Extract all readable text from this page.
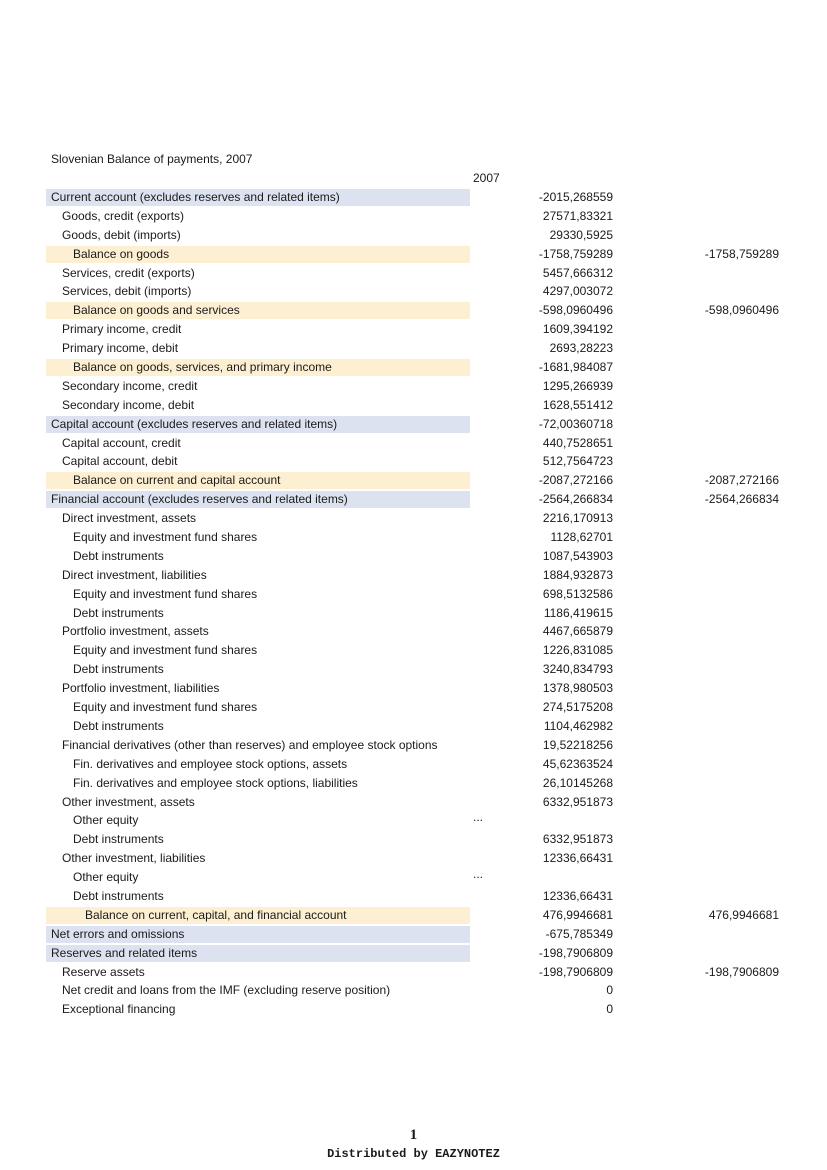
Slovenian Balance of payments, 2007
2007
Current account (excludes reserves and related items)	-2015,268559
Goods, credit (exports)	27571,83321
Goods, debit (imports)	29330,5925
Balance on goods	-1758,759289	-1758,759289
Services, credit (exports)	5457,666312
Services, debit (imports)	4297,003072
Balance on goods and services	-598,0960496	-598,0960496
Primary income, credit	1609,394192
Primary income, debit	2693,28223
Balance on goods, services, and primary income	-1681,984087
Secondary income, credit	1295,266939
Secondary income, debit	1628,551412
Capital account (excludes reserves and related items)	-72,00360718
Capital account, credit	440,7528651
Capital account, debit	512,7564723
Balance on current and capital account	-2087,272166	-2087,272166
Financial account (excludes reserves and related items)	-2564,266834	-2564,266834
Direct investment, assets	2216,170913
Equity and investment fund shares	1128,62701
Debt instruments	1087,543903
Direct investment, liabilities	1884,932873
Equity and investment fund shares	698,5132586
Debt instruments	1186,419615
Portfolio investment, assets	4467,665879
Equity and investment fund shares	1226,831085
Debt instruments	3240,834793
Portfolio investment, liabilities	1378,980503
Equity and investment fund shares	274,5175208
Debt instruments	1104,462982
Financial derivatives (other than reserves) and employee stock options	19,52218256
Fin. derivatives and employee stock options, assets	45,62363524
Fin. derivatives and employee stock options, liabilities	26,10145268
Other investment, assets	6332,951873
Other equity	...
Debt instruments	6332,951873
Other investment, liabilities	12336,66431
Other equity	...
Debt instruments	12336,66431
Balance on current, capital, and financial account	476,9946681	476,9946681
Net errors and omissions	-675,785349
Reserves and related items	-198,7906809
Reserve assets	-198,7906809	-198,7906809
Net credit and loans from the IMF (excluding reserve position)	0
Exceptional financing	0
1
Distributed by EAZYNOTEZ
